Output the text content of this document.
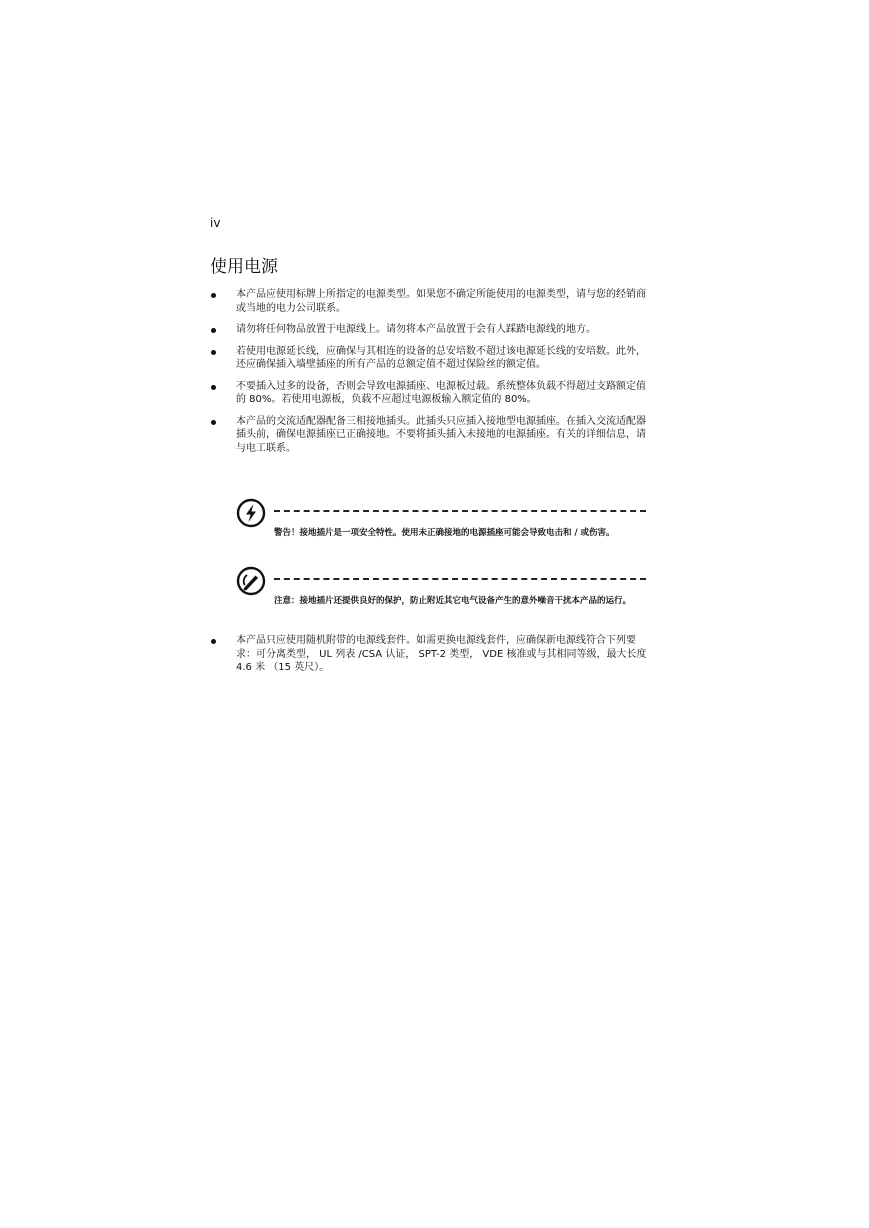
iv
使用电源
本产品应使用标牌上所指定的电源类型。如果您不确定所能使用的电源类型，请与您的经销商或当地的电力公司联系。
请勿将任何物品放置于电源线上。请勿将本产品放置于会有人踩踏电源线的地方。
若使用电源延长线，应确保与其相连的设备的总安培数不超过该电源延长线的安培数。此外，还应确保插入墙壁插座的所有产品的总额定值不超过保险丝的额定值。
不要插入过多的设备，否则会导致电源插座、电源板过载。系统整体负载不得超过支路额定值的 80%。若使用电源板，负载不应超过电源板输入额定值的 80%。
本产品的交流适配器配备三相接地插头。此插头只应插入接地型电源插座。在插入交流适配器插头前，确保电源插座已正确接地。不要将插头插入未接地的电源插座。有关的详细信息，请与电工联系。
警告！接地插片是一项安全特性。使用未正确接地的电源插座可能会导致电击和 / 或伤害。
注意：接地插片还提供良好的保护，防止附近其它电气设备产生的意外噪音干扰本产品的运行。
本产品只应使用随机附带的电源线套件。如需更换电源线套件，应确保新电源线符合下列要求：可分离类型， UL 列表 /CSA 认证， SPT-2 类型， VDE 核准或与其相同等级，最大长度 4.6 米 （15 英尺）。
